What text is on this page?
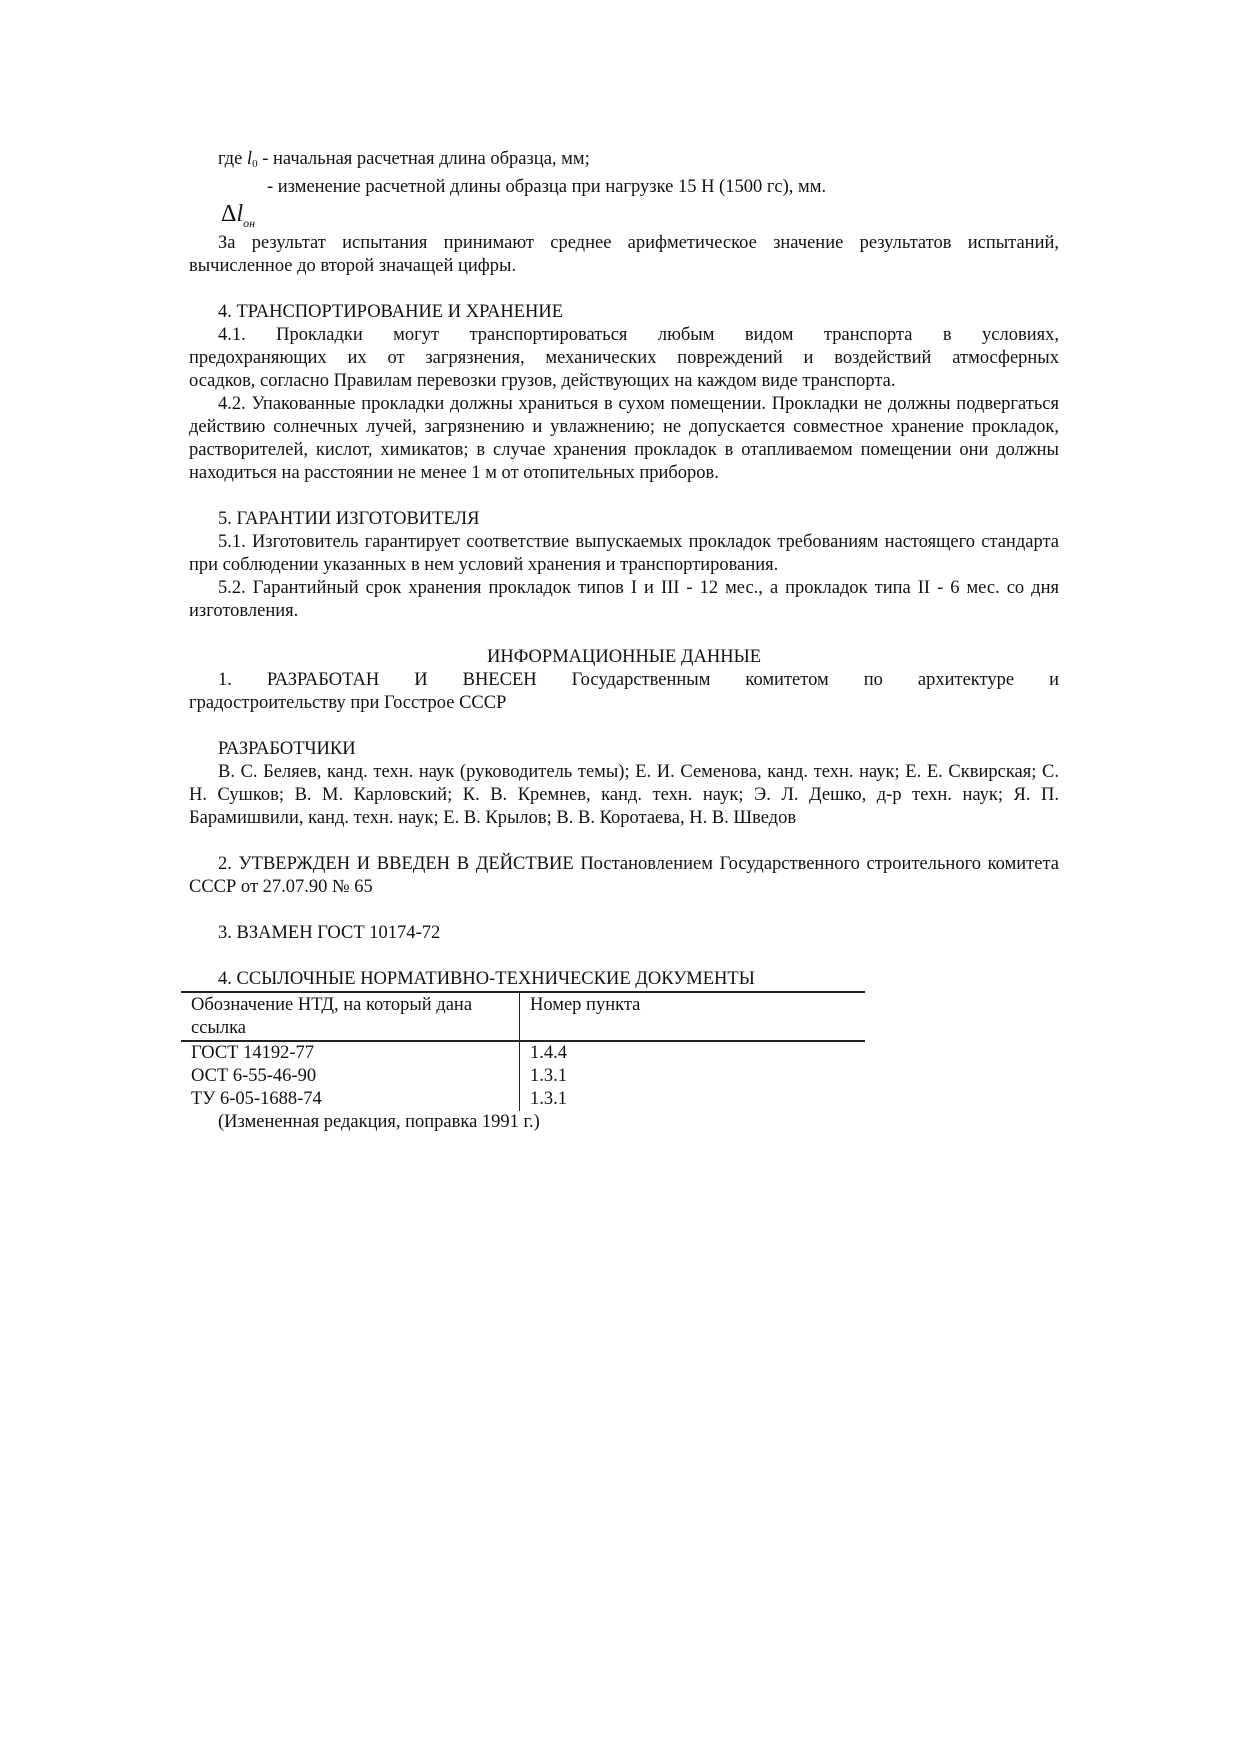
где $l_0$ - начальная расчетная длина образца, мм;

- изменение расчетной длины образца при нагрузке 15 Н (1500 гс), мм.

$\Delta l_{он}$

За результат испытания принимают среднее арифметическое значение результатов испытаний, вычисленное до второй значащей цифры.

4. ТРАНСПОРТИРОВАНИЕ И ХРАНЕНИЕ

4.1. Прокладки могут транспортироваться любым видом транспорта в условиях,

предохраняющих их от загрязнения, механических повреждений и воздействий атмосферных

осадков, согласно Правилам перевозки грузов, действующих на каждом виде транспорта.

4.2. Упакованные прокладки должны храниться в сухом помещении. Прокладки не должны подвергаться действию солнечных лучей, загрязнению и увлажнению; не допускается совместное хранение прокладок, растворителей, кислот, химикатов; в случае хранения прокладок в отапливаемом помещении они должны находиться на расстоянии не менее 1 м от отопительных приборов.

5. ГАРАНТИИ ИЗГОТОВИТЕЛЯ

5.1. Изготовитель гарантирует соответствие выпускаемых прокладок требованиям настоящего стандарта при соблюдении указанных в нем условий хранения и транспортирования.

5.2. Гарантийный срок хранения прокладок типов I и III - 12 мес., а прокладок типа II - 6 мес. со дня изготовления.

ИНФОРМАЦИОННЫЕ ДАННЫЕ

1. РАЗРАБОТАН И ВНЕСЕН Государственным комитетом по архитектуре и

градостроительству при Госстрое СССР

РАЗРАБОТЧИКИ

В. С. Беляев, канд. техн. наук (руководитель темы); Е. И. Семенова, канд. техн. наук; Е. Е. Сквирская; С. Н. Сушков; В. М. Карловский; К. В. Кремнев, канд. техн. наук; Э. Л. Дешко, д-р техн. наук; Я. П. Барамишвили, канд. техн. наук; Е. В. Крылов; В. В. Коротаева, Н. В. Шведов

2. УТВЕРЖДЕН И ВВЕДЕН В ДЕЙСТВИЕ Постановлением Государственного строительного комитета СССР от 27.07.90 № 65

3. ВЗАМЕН ГОСТ 10174-72

4. ССЫЛОЧНЫЕ НОРМАТИВНО-ТЕХНИЧЕСКИЕ ДОКУМЕНТЫ

Обозначение НТД, на который дана ссылка	Номер пункта
ГОСТ 14192-77	1.4.4
ОСТ 6-55-46-90	1.3.1
ТУ 6-05-1688-74	1.3.1

(Измененная редакция, поправка 1991 г.)
